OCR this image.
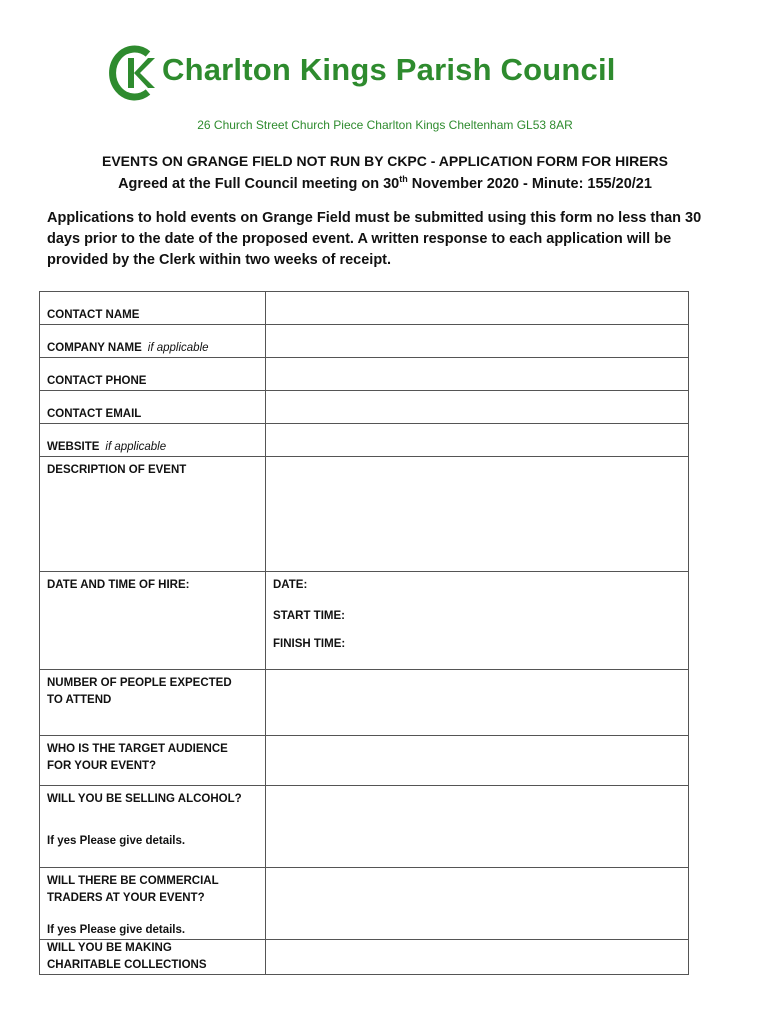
Charlton Kings Parish Council
26 Church Street Church Piece Charlton Kings Cheltenham GL53 8AR
EVENTS ON GRANGE FIELD NOT RUN BY CKPC - APPLICATION FORM FOR HIRERS
Agreed at the Full Council meeting on 30th November 2020 - Minute: 155/20/21
Applications to hold events on Grange Field must be submitted using this form no less than 30 days prior to the date of the proposed event. A written response to each application will be provided by the Clerk within two weeks of receipt.
CONTACT NAME	

COMPANY NAME if applicable	

CONTACT PHONE	

CONTACT EMAIL	

WEBSITE if applicable	

DESCRIPTION OF EVENT	

DATE AND TIME OF HIRE:	DATE:
START TIME:
FINISH TIME:

NUMBER OF PEOPLE EXPECTED
TO ATTEND	

WHO IS THE TARGET AUDIENCE
FOR YOUR EVENT?	

WILL YOU BE SELLING ALCOHOL?
If yes Please give details.	

WILL THERE BE COMMERCIAL
TRADERS AT YOUR EVENT?
If yes Please give details.	

WILL YOU BE MAKING
CHARITABLE COLLECTIONS	
